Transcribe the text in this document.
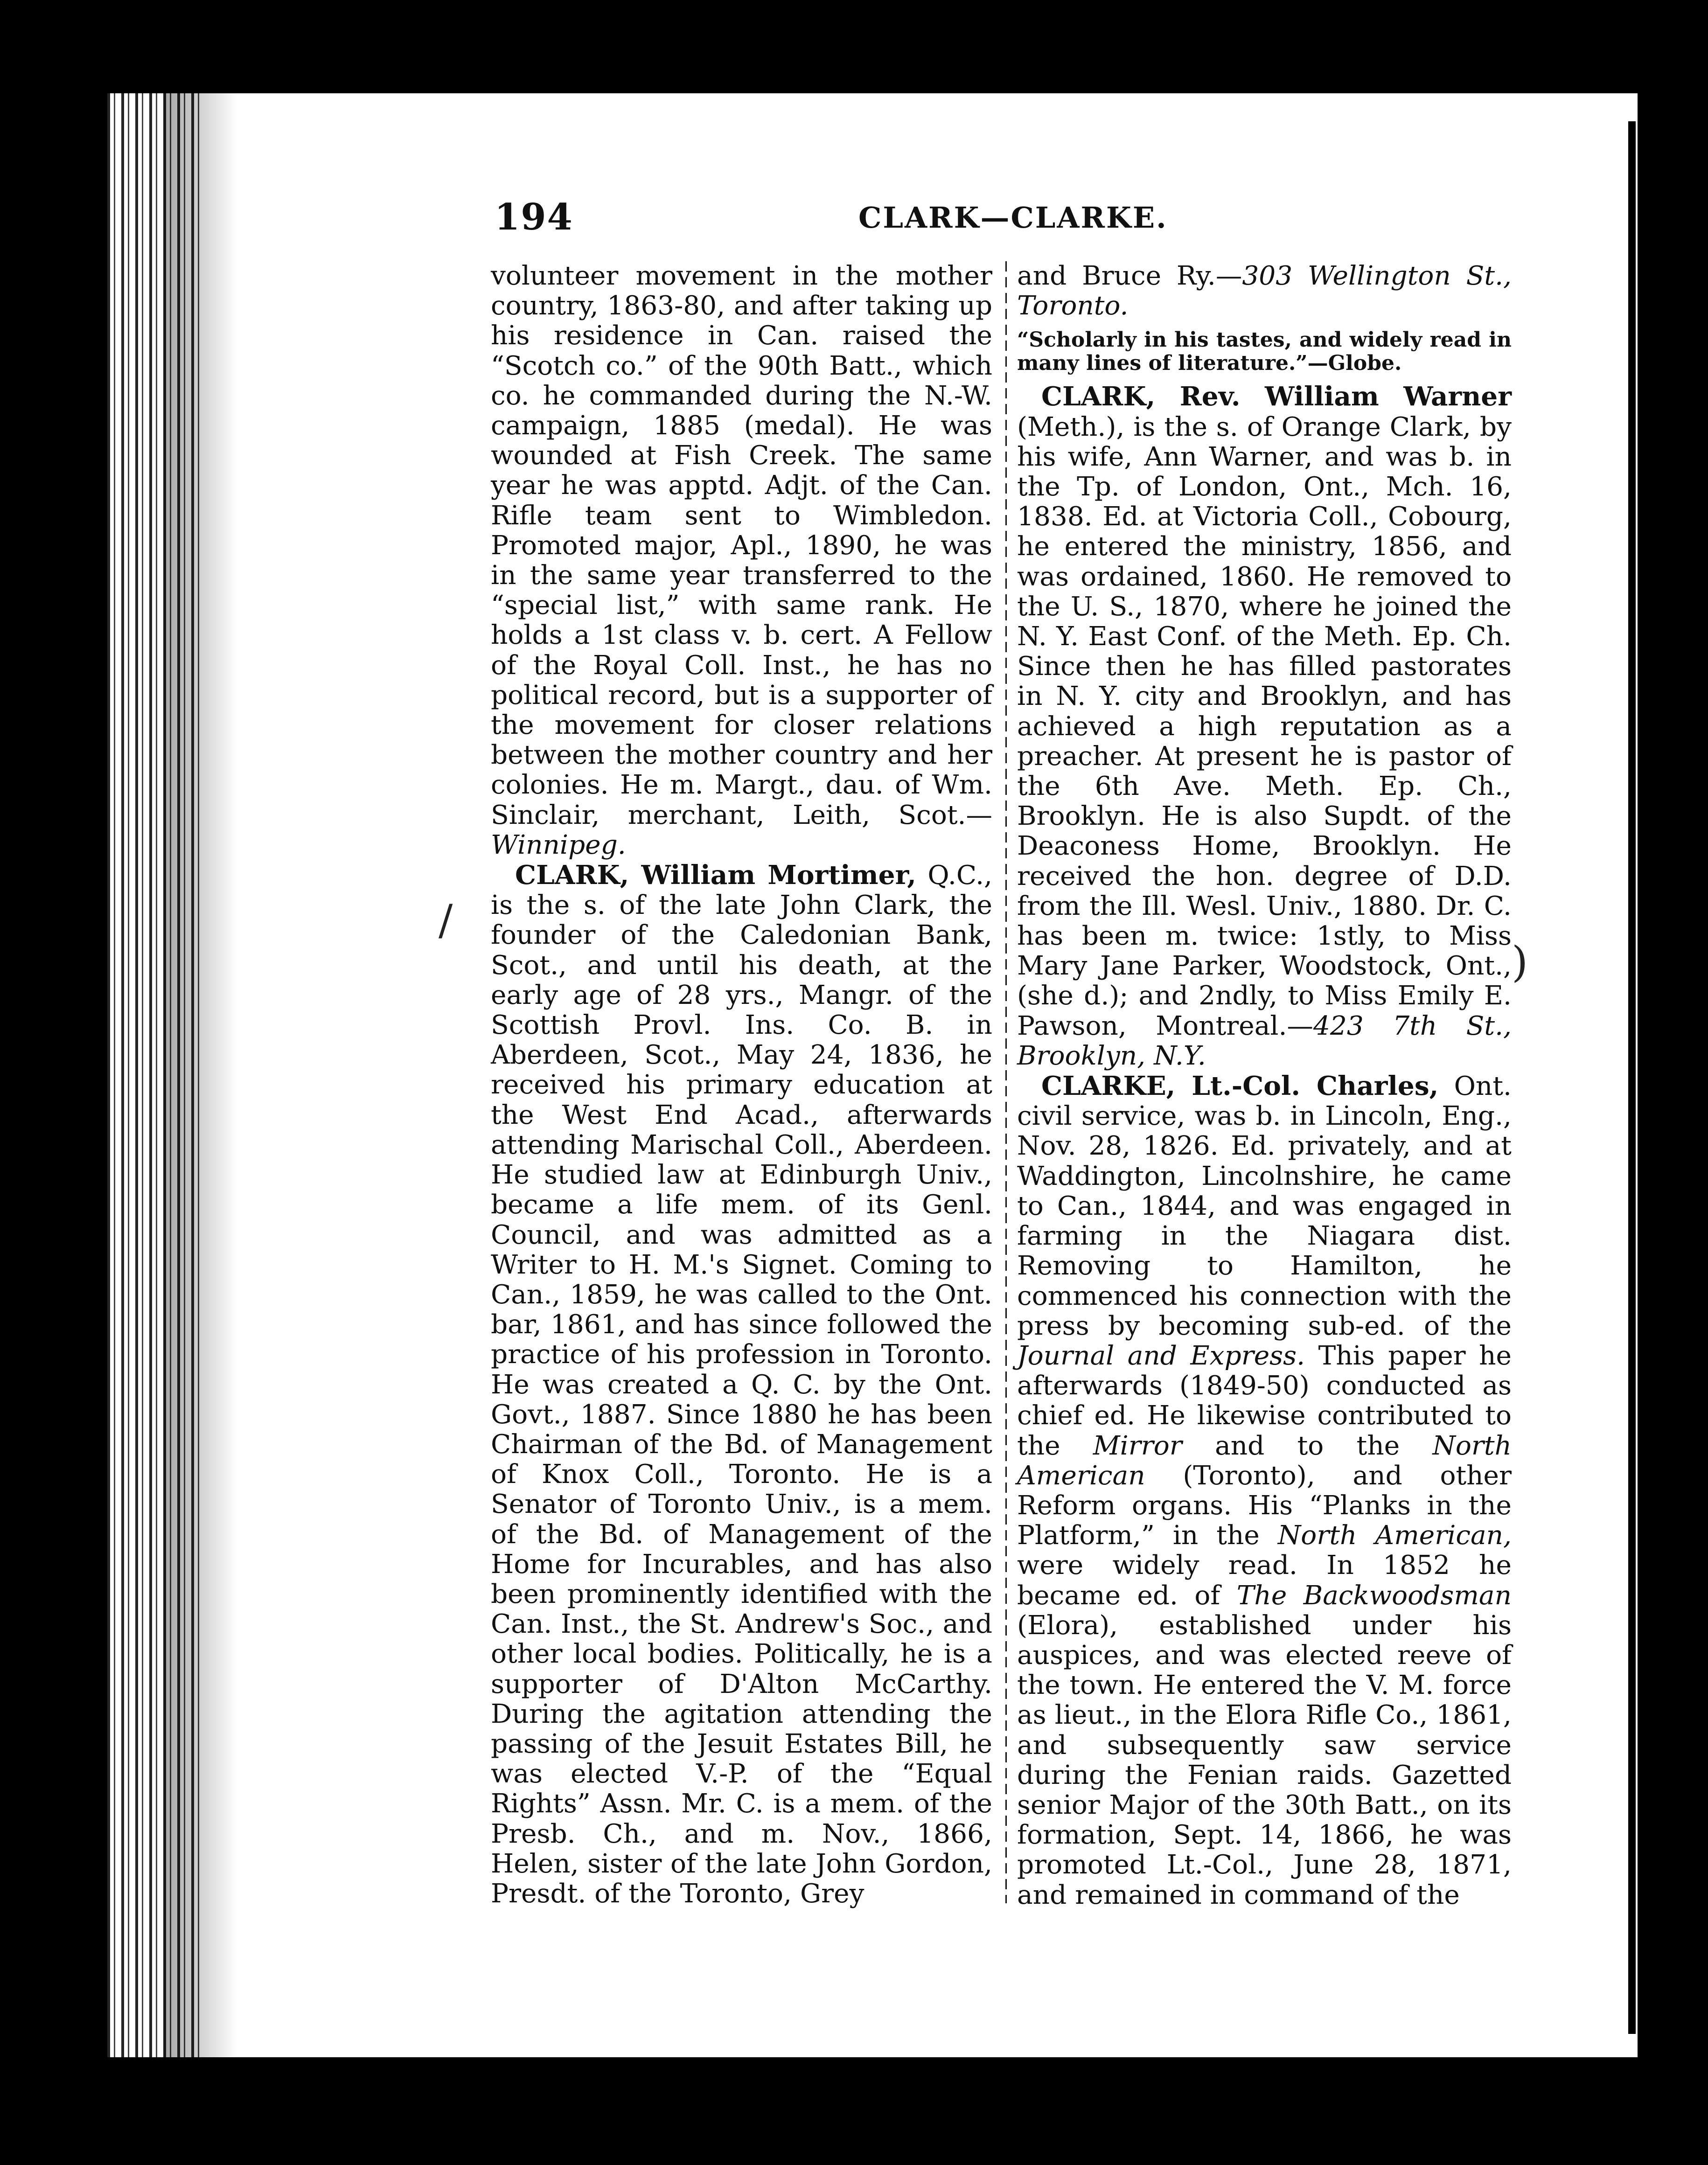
194	CLARK—CLARKE.

volunteer movement in the mother country, 1863-80, and after taking up his residence in Can. raised the “Scotch co.” of the 90th Batt., which co. he commanded during the N.-W. campaign, 1885 (medal). He was wounded at Fish Creek. The same year he was apptd. Adjt. of the Can. Rifle team sent to Wimbledon. Promoted major, Apl., 1890, he was in the same year transferred to the “special list,” with same rank. He holds a 1st class v. b. cert. A Fellow of the Royal Coll. Inst., he has no political record, but is a supporter of the movement for closer relations between the mother country and her colonies. He m. Margt., dau. of Wm. Sinclair, merchant, Leith, Scot.—Winnipeg.

CLARK, William Mortimer, Q.C., is the s. of the late John Clark, the founder of the Caledonian Bank, Scot., and until his death, at the early age of 28 yrs., Mangr. of the Scottish Provl. Ins. Co. B. in Aberdeen, Scot., May 24, 1836, he received his primary education at the West End Acad., afterwards attending Marischal Coll., Aberdeen. He studied law at Edinburgh Univ., became a life mem. of its Genl. Council, and was admitted as a Writer to H. M.'s Signet. Coming to Can., 1859, he was called to the Ont. bar, 1861, and has since followed the practice of his profession in Toronto. He was created a Q. C. by the Ont. Govt., 1887. Since 1880 he has been Chairman of the Bd. of Management of Knox Coll., Toronto. He is a Senator of Toronto Univ., is a mem. of the Bd. of Management of the Home for Incurables, and has also been prominently identified with the Can. Inst., the St. Andrew's Soc., and other local bodies. Politically, he is a supporter of D'Alton McCarthy. During the agitation attending the passing of the Jesuit Estates Bill, he was elected V.-P. of the “Equal Rights” Assn. Mr. C. is a mem. of the Presb. Ch., and m. Nov., 1866, Helen, sister of the late John Gordon, Presdt. of the Toronto, Grey

and Bruce Ry.—303 Wellington St., Toronto.

“Scholarly in his tastes, and widely read in many lines of literature.”—Globe.

CLARK, Rev. William Warner (Meth.), is the s. of Orange Clark, by his wife, Ann Warner, and was b. in the Tp. of London, Ont., Mch. 16, 1838. Ed. at Victoria Coll., Cobourg, he entered the ministry, 1856, and was ordained, 1860. He removed to the U. S., 1870, where he joined the N. Y. East Conf. of the Meth. Ep. Ch. Since then he has filled pastorates in N. Y. city and Brooklyn, and has achieved a high reputation as a preacher. At present he is pastor of the 6th Ave. Meth. Ep. Ch., Brooklyn. He is also Supdt. of the Deaconess Home, Brooklyn. He received the hon. degree of D.D. from the Ill. Wesl. Univ., 1880. Dr. C. has been m. twice: 1stly, to Miss Mary Jane Parker, Woodstock, Ont., (she d.); and 2ndly, to Miss Emily E. Pawson, Montreal.—423 7th St., Brooklyn, N.Y.

CLARKE, Lt.-Col. Charles, Ont. civil service, was b. in Lincoln, Eng., Nov. 28, 1826. Ed. privately, and at Waddington, Lincolnshire, he came to Can., 1844, and was engaged in farming in the Niagara dist. Removing to Hamilton, he commenced his connection with the press by becoming sub-ed. of the Journal and Express. This paper he afterwards (1849-50) conducted as chief ed. He likewise contributed to the Mirror and to the North American (Toronto), and other Reform organs. His “Planks in the Platform,” in the North American, were widely read. In 1852 he became ed. of The Backwoodsman (Elora), established under his auspices, and was elected reeve of the town. He entered the V. M. force as lieut., in the Elora Rifle Co., 1861, and subsequently saw service during the Fenian raids. Gazetted senior Major of the 30th Batt., on its formation, Sept. 14, 1866, he was promoted Lt.-Col., June 28, 1871, and remained in command of the

/
)
